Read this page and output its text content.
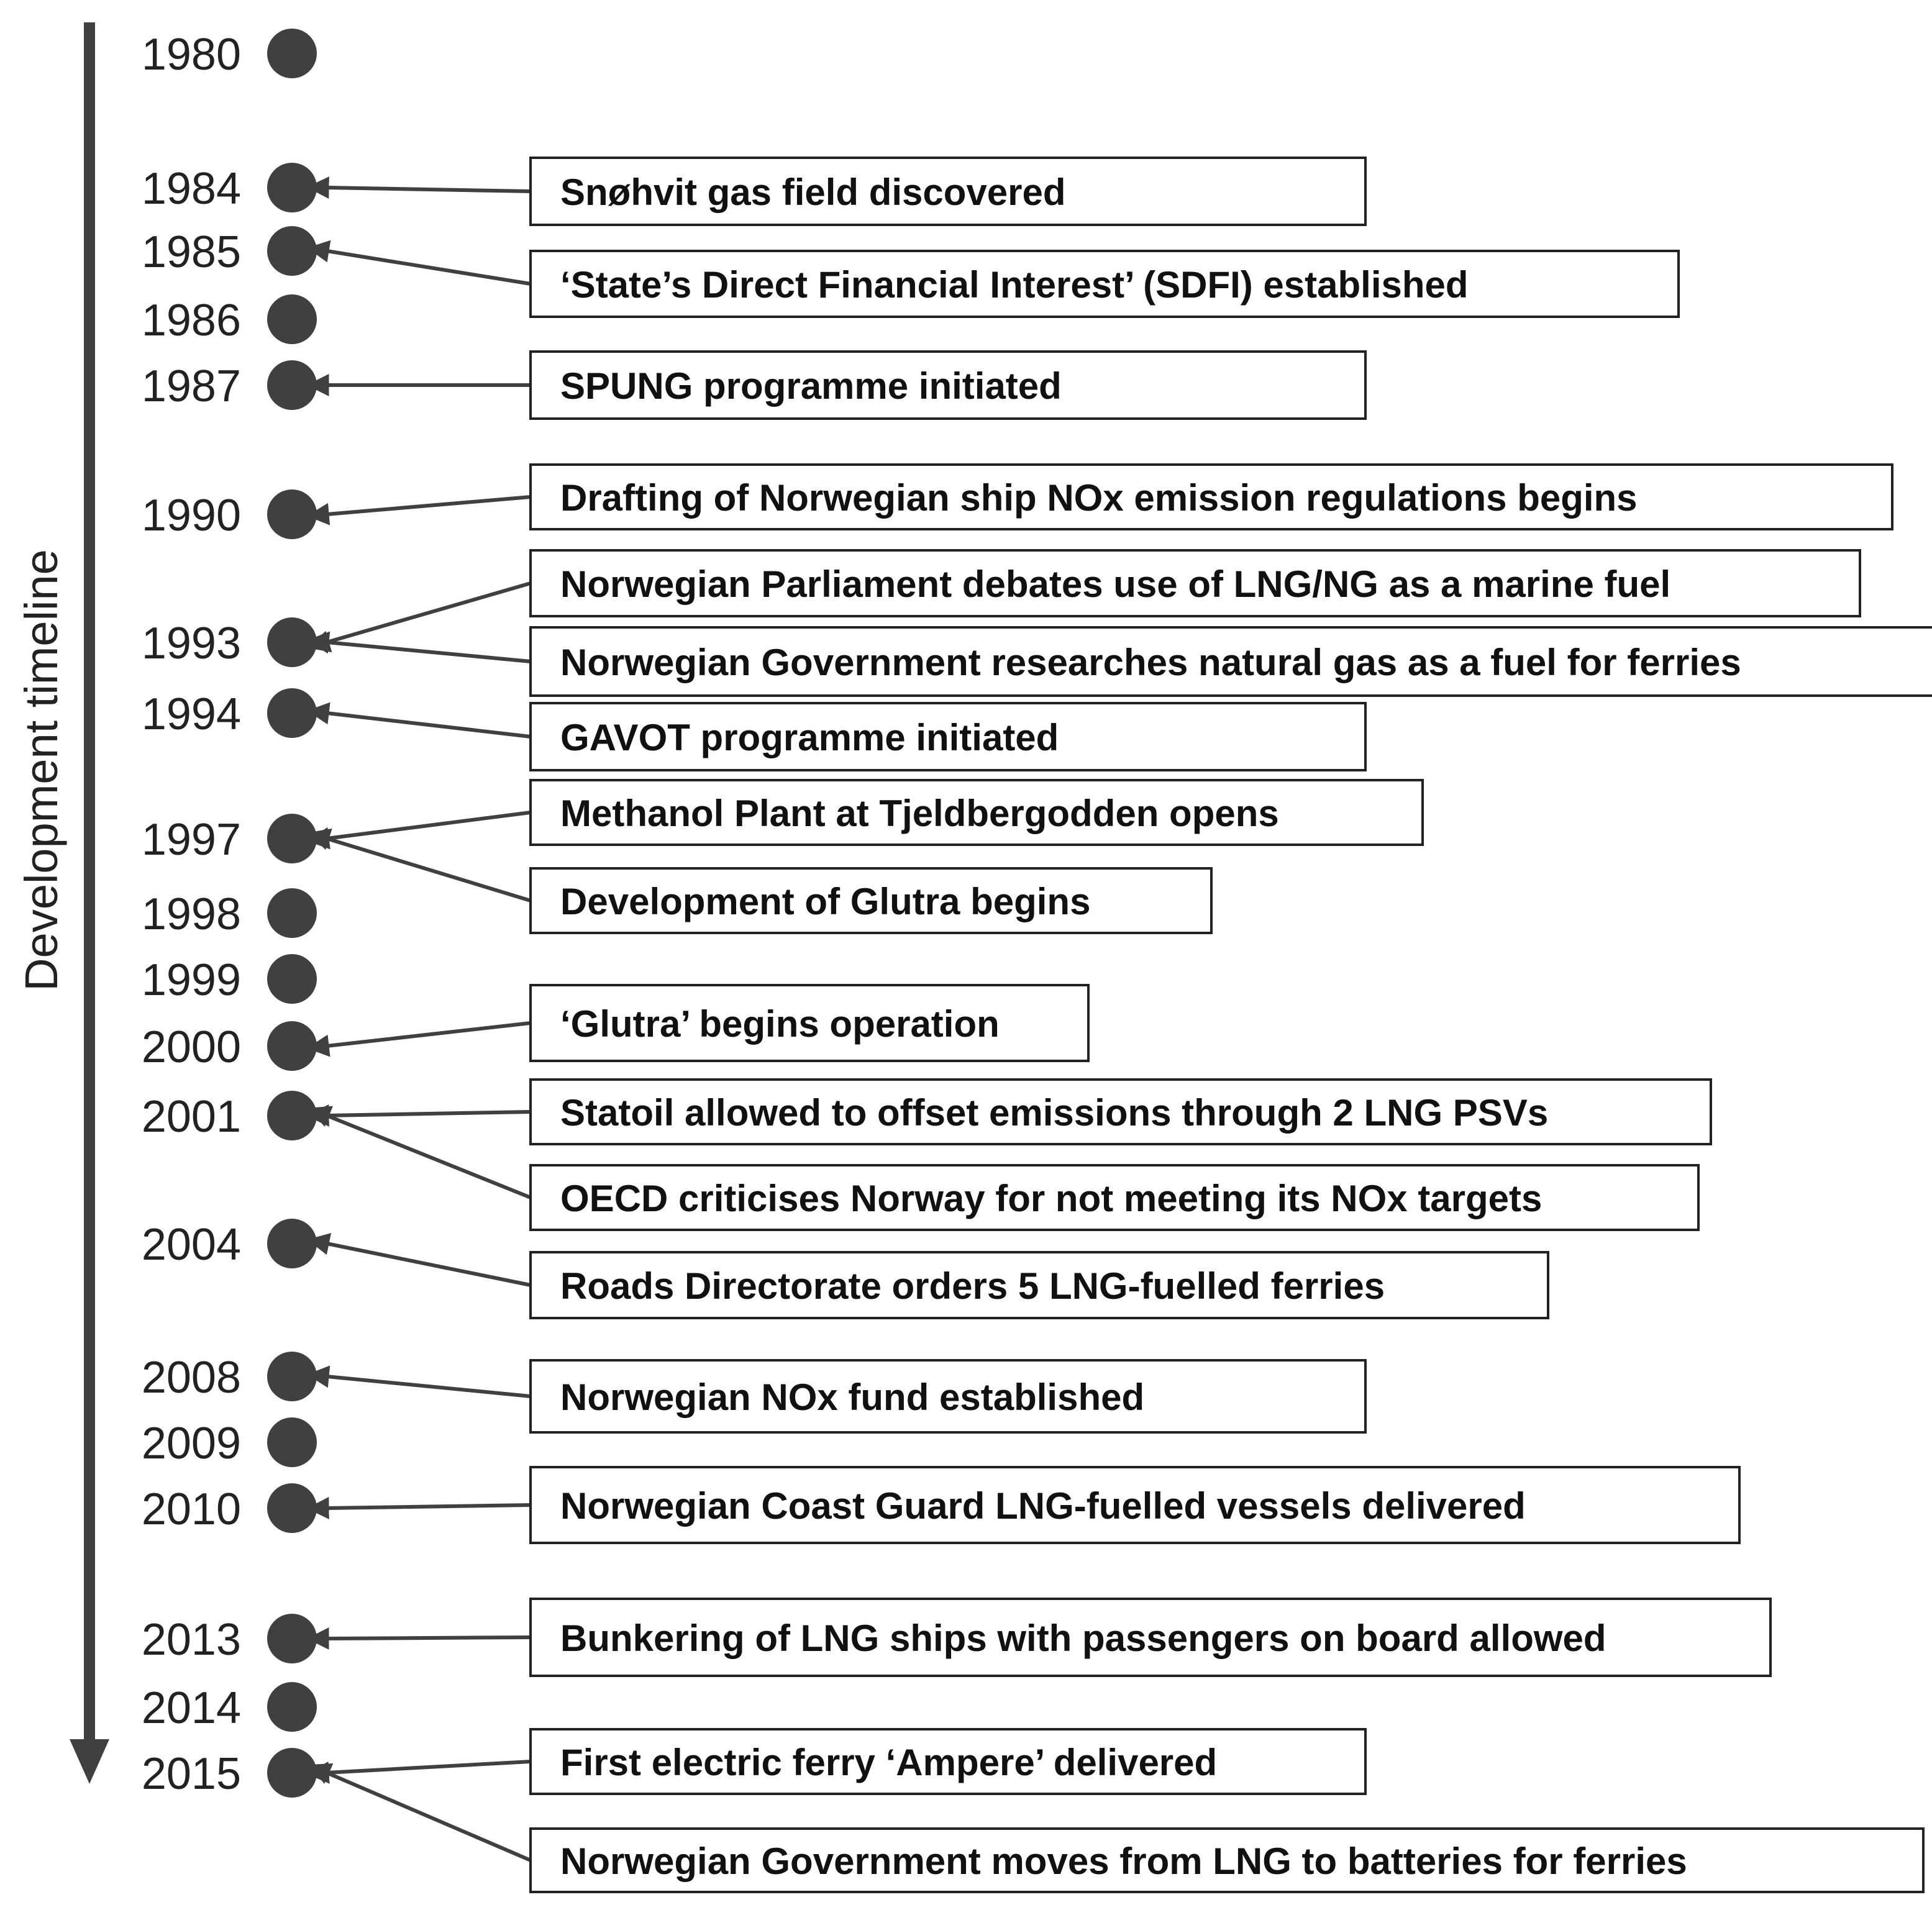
Development timeline
1980
1984
1985
1986
1987
1990
1993
1994
1997
1998
1999
2000
2001
2004
2008
2009
2010
2013
2014
2015
Snøhvit gas field discovered
‘State’s Direct Financial Interest’ (SDFI) established
SPUNG programme initiated
Drafting of Norwegian ship NOx emission regulations begins
Norwegian Parliament debates use of LNG/NG as a marine fuel
Norwegian Government researches natural gas as a fuel for ferries
GAVOT programme initiated
Methanol Plant at Tjeldbergodden opens
Development of Glutra begins
‘Glutra’ begins operation
Statoil allowed to offset emissions through 2 LNG PSVs
OECD criticises Norway for not meeting its NOx targets
Roads Directorate orders 5 LNG-fuelled ferries
Norwegian NOx fund established
Norwegian Coast Guard LNG-fuelled vessels delivered
Bunkering of LNG ships with passengers on board allowed
First electric ferry ‘Ampere’ delivered
Norwegian Government moves from LNG to batteries for ferries
